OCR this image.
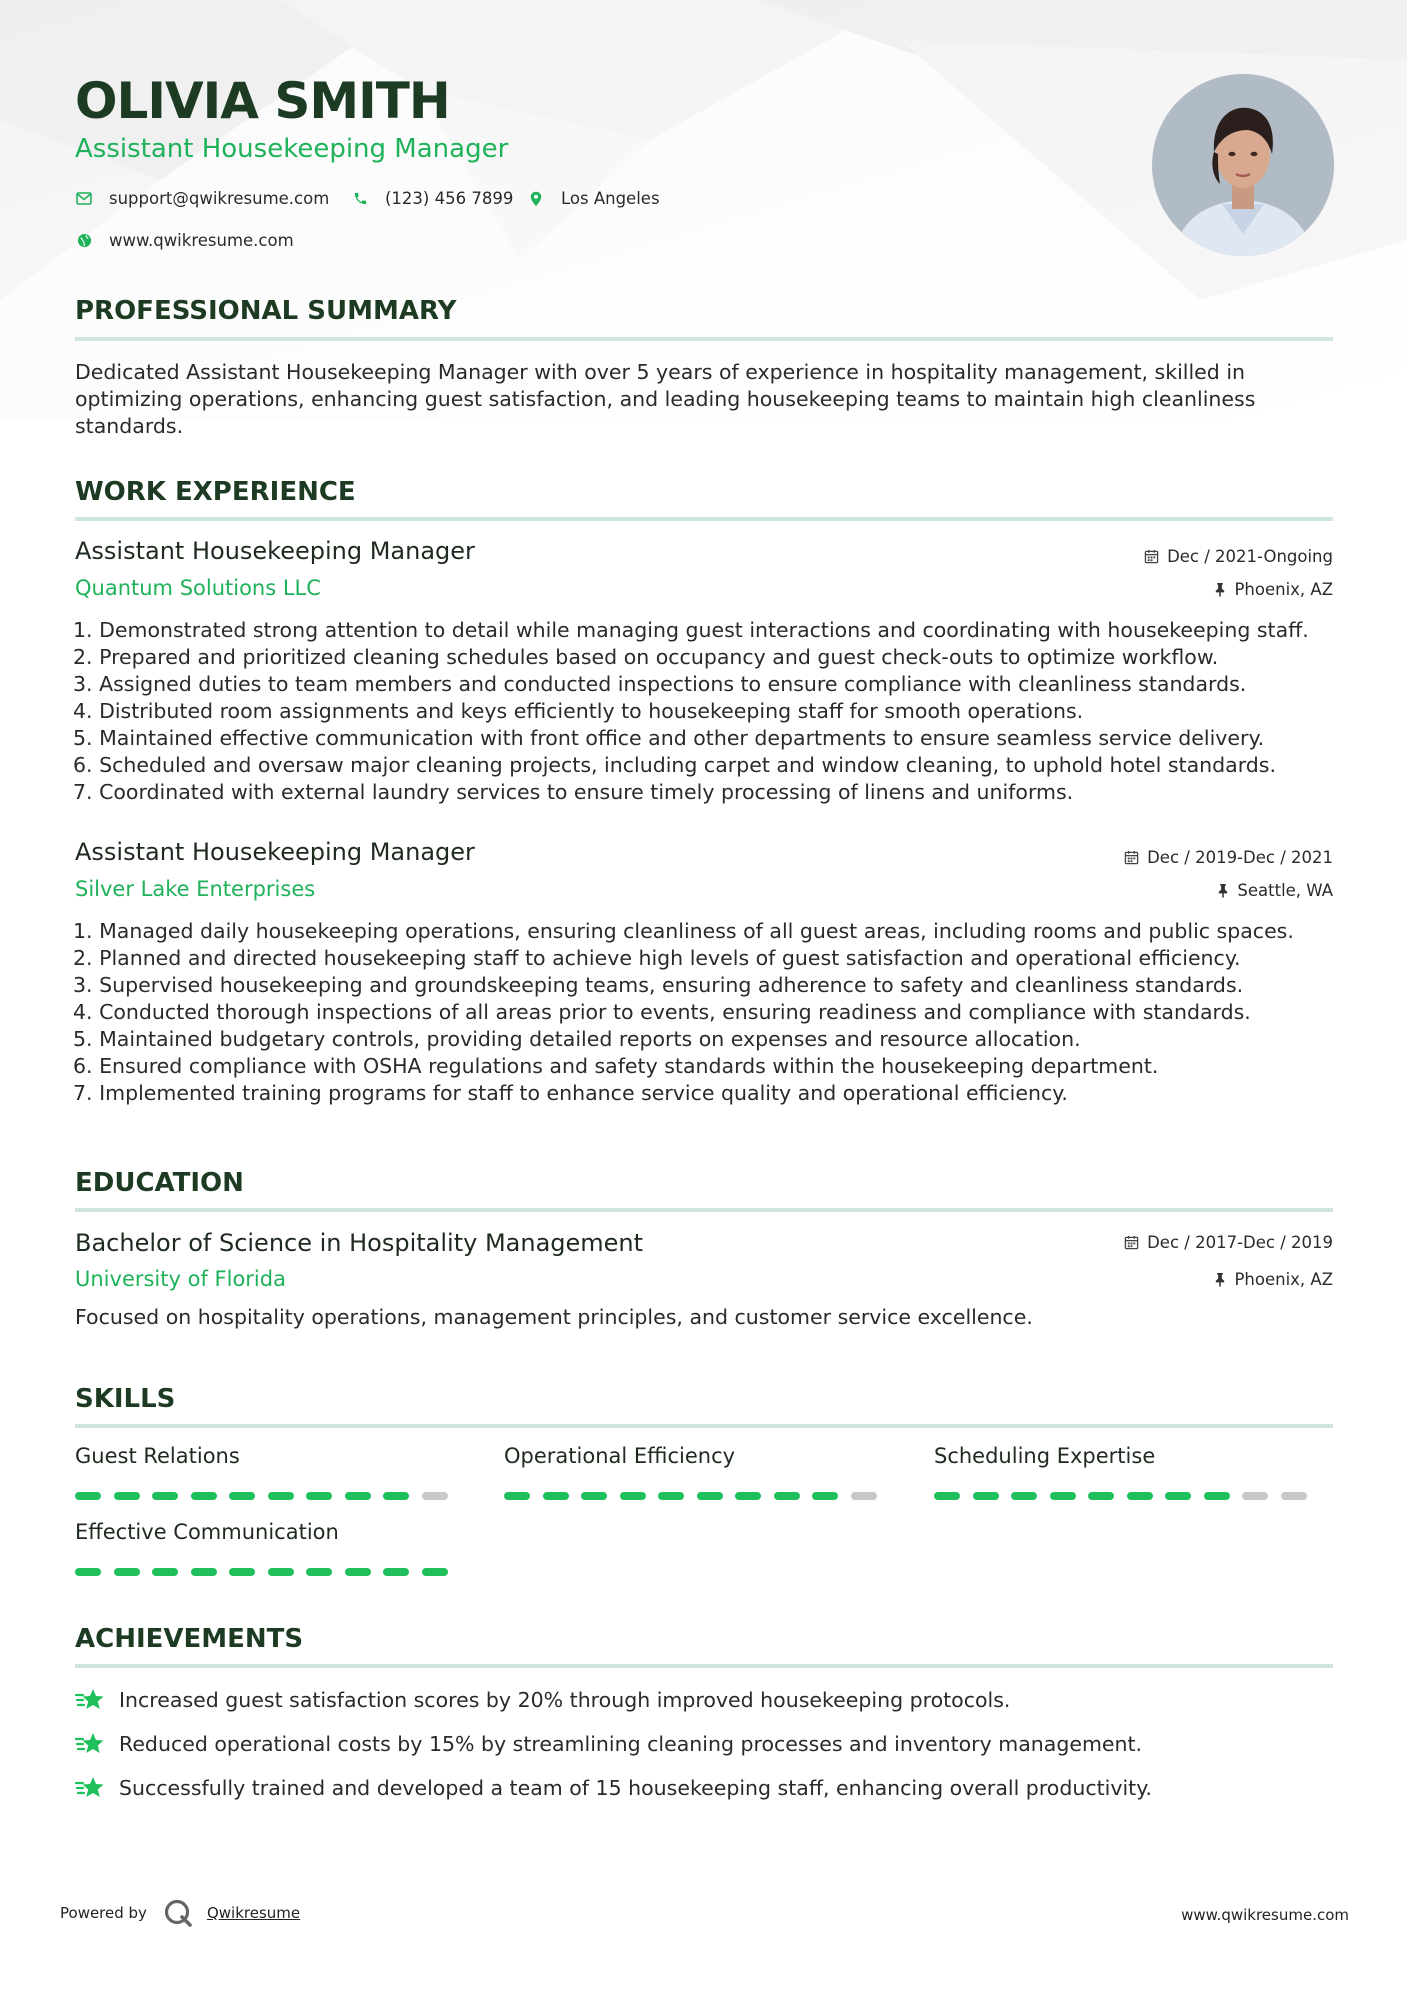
OLIVIA SMITH
Assistant Housekeeping Manager
support@qwikresume.com	(123) 456 7899	Los Angeles
www.qwikresume.com
PROFESSIONAL SUMMARY

Dedicated Assistant Housekeeping Manager with over 5 years of experience in hospitality management, skilled in optimizing operations, enhancing guest satisfaction, and leading housekeeping teams to maintain high cleanliness standards.

WORK EXPERIENCE
Assistant Housekeeping Manager	Dec / 2021-Ongoing
Quantum Solutions LLC	Phoenix, AZ
1. Demonstrated strong attention to detail while managing guest interactions and coordinating with housekeeping staff.
2. Prepared and prioritized cleaning schedules based on occupancy and guest check-outs to optimize workflow.
3. Assigned duties to team members and conducted inspections to ensure compliance with cleanliness standards.
4. Distributed room assignments and keys efficiently to housekeeping staff for smooth operations.
5. Maintained effective communication with front office and other departments to ensure seamless service delivery.
6. Scheduled and oversaw major cleaning projects, including carpet and window cleaning, to uphold hotel standards.
7. Coordinated with external laundry services to ensure timely processing of linens and uniforms.
Assistant Housekeeping Manager	Dec / 2019-Dec / 2021
Silver Lake Enterprises	Seattle, WA
1. Managed daily housekeeping operations, ensuring cleanliness of all guest areas, including rooms and public spaces.
2. Planned and directed housekeeping staff to achieve high levels of guest satisfaction and operational efficiency.
3. Supervised housekeeping and groundskeeping teams, ensuring adherence to safety and cleanliness standards.
4. Conducted thorough inspections of all areas prior to events, ensuring readiness and compliance with standards.
5. Maintained budgetary controls, providing detailed reports on expenses and resource allocation.
6. Ensured compliance with OSHA regulations and safety standards within the housekeeping department.
7. Implemented training programs for staff to enhance service quality and operational efficiency.
EDUCATION
Bachelor of Science in Hospitality Management	Dec / 2017-Dec / 2019
University of Florida	Phoenix, AZ

Focused on hospitality operations, management principles, and customer service excellence.

SKILLS
Guest Relations	Operational Efficiency	Scheduling Expertise
Effective Communication
ACHIEVEMENTS
Increased guest satisfaction scores by 20% through improved housekeeping protocols.
Reduced operational costs by 15% by streamlining cleaning processes and inventory management.
Successfully trained and developed a team of 15 housekeeping staff, enhancing overall productivity.
Powered by	Qwikresume	www.qwikresume.com
